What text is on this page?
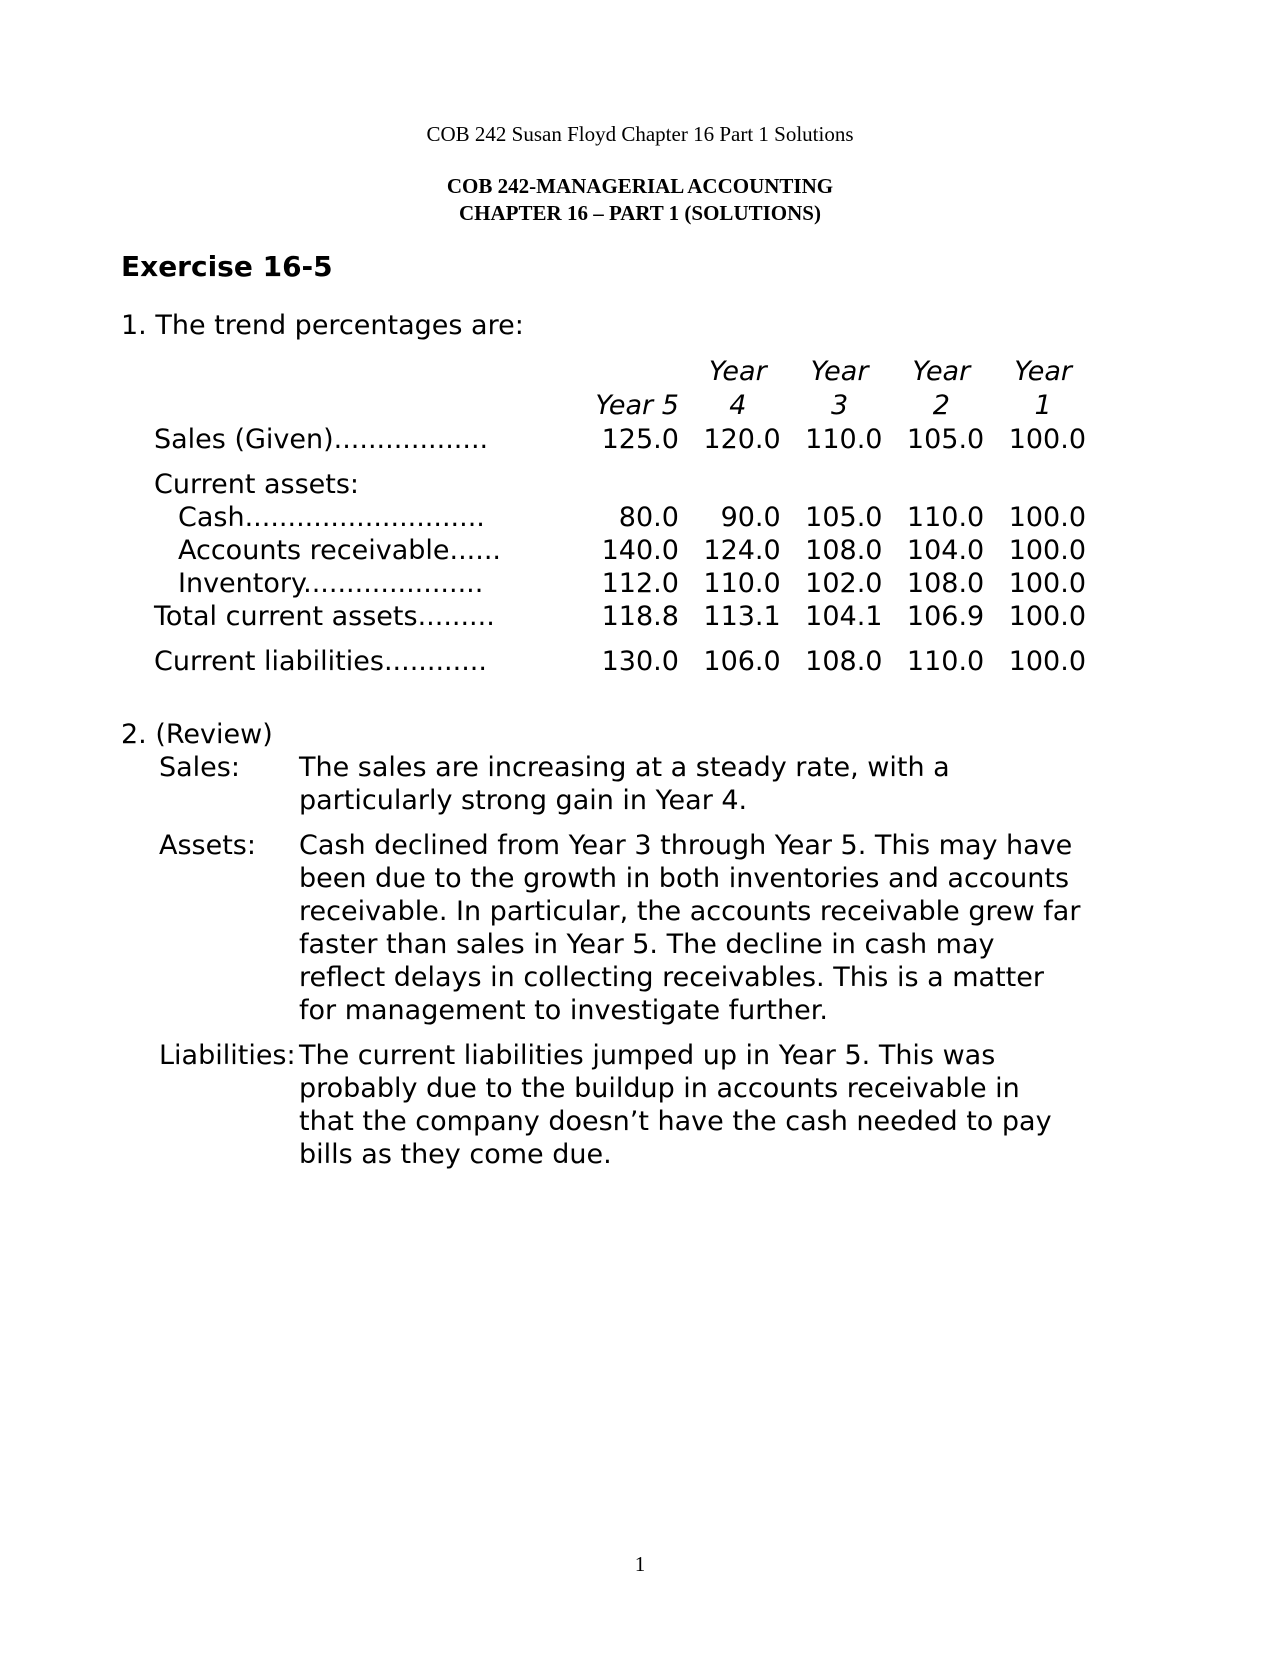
COB 242 Susan Floyd Chapter 16 Part 1 Solutions
COB 242-MANAGERIAL ACCOUNTING
CHAPTER 16 – PART 1 (SOLUTIONS)
Exercise 16-5
1. The trend percentages are:
	Year 5	Year 4	Year 3	Year 2	Year 1
Sales (Given)..................	125.0	120.0	110.0	105.0	100.0
Current assets:					
Cash............................	80.0	90.0	105.0	110.0	100.0
Accounts receivable......	140.0	124.0	108.0	104.0	100.0
Inventory.....................	112.0	110.0	102.0	108.0	100.0
Total current assets.........	118.8	113.1	104.1	106.9	100.0
Current liabilities............	130.0	106.0	108.0	110.0	100.0
2. (Review)
Sales:	The sales are increasing at a steady rate, with a particularly strong gain in Year 4.
Assets:	Cash declined from Year 3 through Year 5. This may have been due to the growth in both inventories and accounts receivable. In particular, the accounts receivable grew far faster than sales in Year 5. The decline in cash may reflect delays in collecting receivables. This is a matter for management to investigate further.
Liabilities: The current liabilities jumped up in Year 5. This was probably due to the buildup in accounts receivable in that the company doesn’t have the cash needed to pay bills as they come due.
1
